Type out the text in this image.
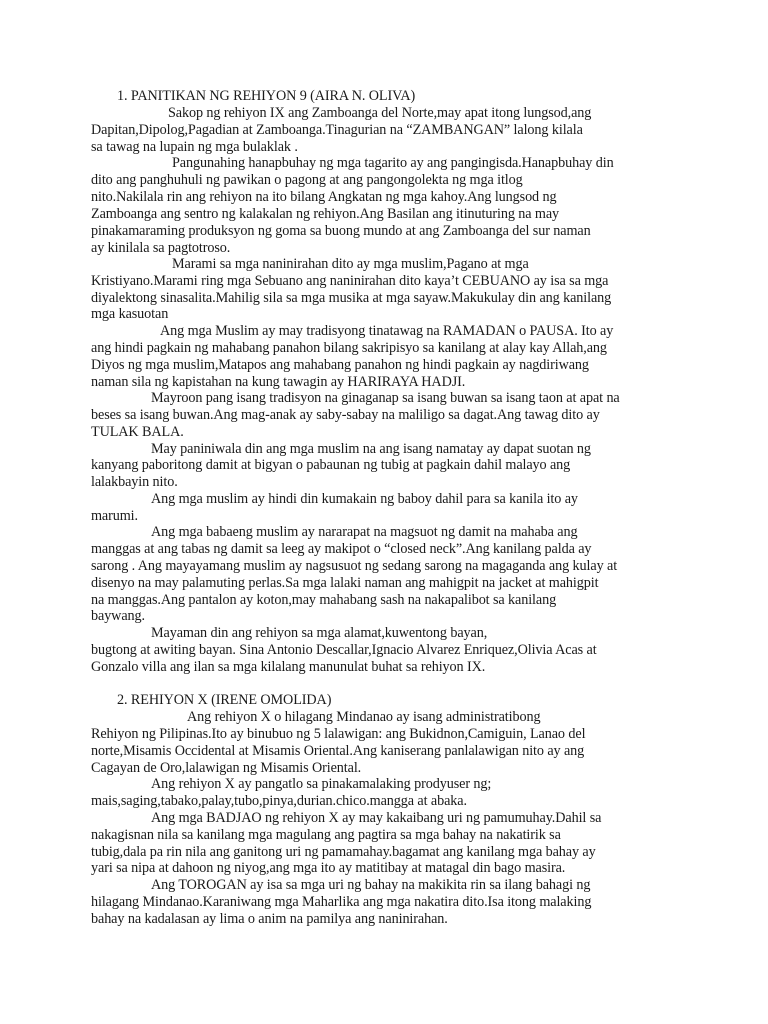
1. PANITIKAN NG REHIYON 9 (AIRA N. OLIVA)
Sakop ng rehiyon IX ang Zamboanga del Norte,may apat itong lungsod,ang
Dapitan,Dipolog,Pagadian at Zamboanga.Tinagurian na “ZAMBANGAN” lalong kilala
sa tawag na lupain ng mga bulaklak .
Pangunahing hanapbuhay ng mga tagarito ay ang pangingisda.Hanapbuhay din
dito ang panghuhuli ng pawikan o pagong at ang pangongolekta ng mga itlog
nito.Nakilala rin ang rehiyon na ito bilang Angkatan ng mga kahoy.Ang lungsod ng
Zamboanga ang sentro ng kalakalan ng rehiyon.Ang Basilan ang itinuturing na may
pinakamaraming produksyon ng goma sa buong mundo at ang Zamboanga del sur naman
ay kinilala sa pagtotroso.
Marami sa mga naninirahan dito ay mga muslim,Pagano at mga
Kristiyano.Marami ring mga Sebuano ang naninirahan dito kaya’t CEBUANO ay isa sa mga
diyalektong sinasalita.Mahilig sila sa mga musika at mga sayaw.Makukulay din ang kanilang
mga kasuotan
Ang mga Muslim ay may tradisyong tinatawag na RAMADAN o PAUSA. Ito ay
ang hindi pagkain ng mahabang panahon bilang sakripisyo sa kanilang at alay kay Allah,ang
Diyos ng mga muslim,Matapos ang mahabang panahon ng hindi pagkain ay nagdiriwang
naman sila ng kapistahan na kung tawagin ay HARIRAYA HADJI.
Mayroon pang isang tradisyon na ginaganap sa isang buwan sa isang taon at apat na
beses sa isang buwan.Ang mag-anak ay saby-sabay na maliligo sa dagat.Ang tawag dito ay
TULAK BALA.
May paniniwala din ang mga muslim na ang isang namatay ay dapat suotan ng
kanyang paboritong damit at bigyan o pabaunan ng tubig at pagkain dahil malayo ang
lalakbayin nito.
Ang mga muslim ay hindi din kumakain ng baboy dahil para sa kanila ito ay
marumi.
Ang mga babaeng muslim ay nararapat na magsuot ng damit na mahaba ang
manggas at ang tabas ng damit sa leeg ay makipot o “closed neck”.Ang kanilang palda ay
sarong . Ang mayayamang muslim ay nagsusuot ng sedang sarong na magaganda ang kulay at
disenyo na may palamuting perlas.Sa mga lalaki naman ang mahigpit na jacket at mahigpit
na manggas.Ang pantalon ay koton,may mahabang sash na nakapalibot sa kanilang
baywang.
Mayaman din ang rehiyon sa mga alamat,kuwentong bayan,
bugtong at awiting bayan. Sina Antonio Descallar,Ignacio Alvarez Enriquez,Olivia Acas at
Gonzalo villa ang ilan sa mga kilalang manunulat buhat sa rehiyon IX.
2. REHIYON X (IRENE OMOLIDA)
Ang rehiyon X o hilagang Mindanao ay isang administratibong
Rehiyon ng Pilipinas.Ito ay binubuo ng 5 lalawigan: ang Bukidnon,Camiguin, Lanao del
norte,Misamis Occidental at Misamis Oriental.Ang kaniserang panlalawigan nito ay ang
Cagayan de Oro,lalawigan ng Misamis Oriental.
Ang rehiyon X ay pangatlo sa pinakamalaking prodyuser ng;
mais,saging,tabako,palay,tubo,pinya,durian.chico.mangga at abaka.
Ang mga BADJAO ng rehiyon X ay may kakaibang uri ng pamumuhay.Dahil sa
nakagisnan nila sa kanilang mga magulang ang pagtira sa mga bahay na nakatirik sa
tubig,dala pa rin nila ang ganitong uri ng pamamahay.bagamat ang kanilang mga bahay ay
yari sa nipa at dahoon ng niyog,ang mga ito ay matitibay at matagal din bago masira.
Ang TOROGAN ay isa sa mga uri ng bahay na makikita rin sa ilang bahagi ng
hilagang Mindanao.Karaniwang mga Maharlika ang mga nakatira dito.Isa itong malaking
bahay na kadalasan ay lima o anim na pamilya ang naninirahan.
